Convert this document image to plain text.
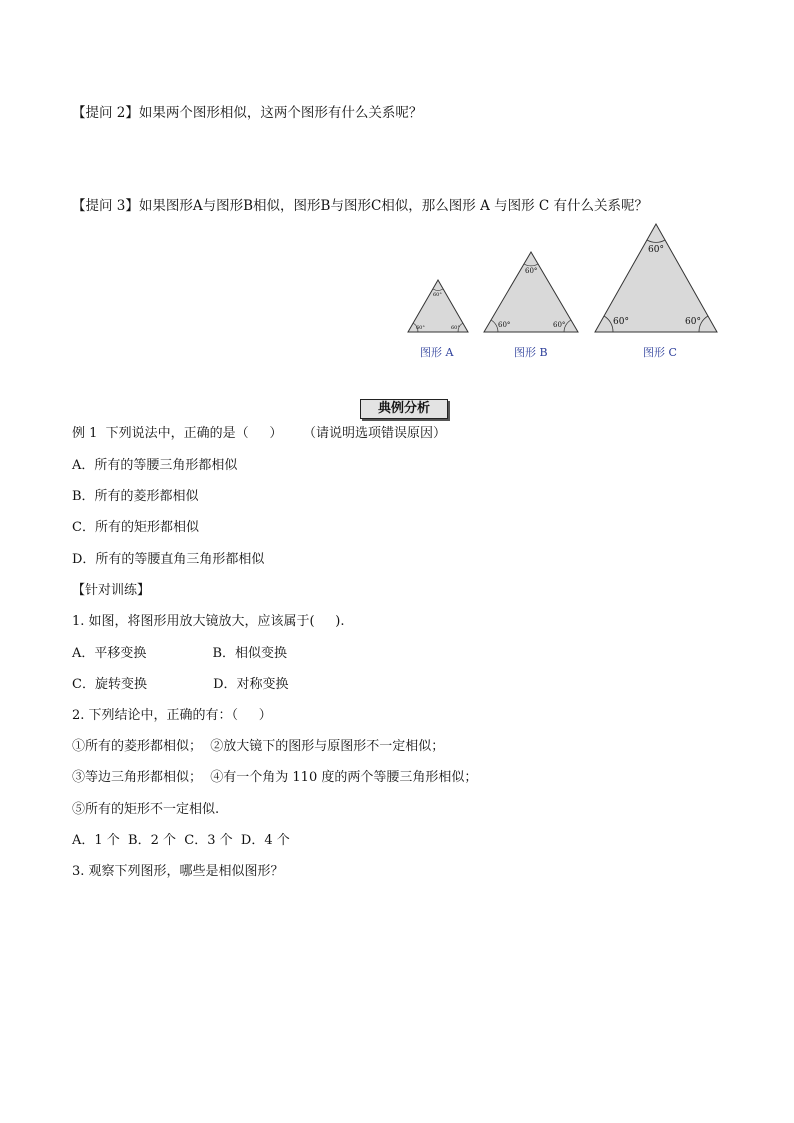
【提问 2】如果两个图形相似，这两个图形有什么关系呢？
【提问 3】如果图形A与图形B相似，图形B与图形C相似，那么图形 A 与图形 C 有什么关系呢？
60°
60°	60°
60°
60°	60°
60°
60°	60°
图形 A	图形 B	图形 C
典例分析
例 1  下列说法中，正确的是（     ）     （请说明选项错误原因）
A．所有的等腰三角形都相似
B．所有的菱形都相似
C．所有的矩形都相似
D．所有的等腰直角三角形都相似
【针对训练】
1. 如图，将图形用放大镜放大，应该属于(     ).
A．平移变换                B．相似变换
C．旋转变换                D．对称变换
2. 下列结论中，正确的有：（     ）
①所有的菱形都相似；  ②放大镜下的图形与原图形不一定相似；
③等边三角形都相似；  ④有一个角为 110 度的两个等腰三角形相似；
⑤所有的矩形不一定相似.
A．1 个  B．2 个  C．3 个  D．4 个
3. 观察下列图形，哪些是相似图形？
